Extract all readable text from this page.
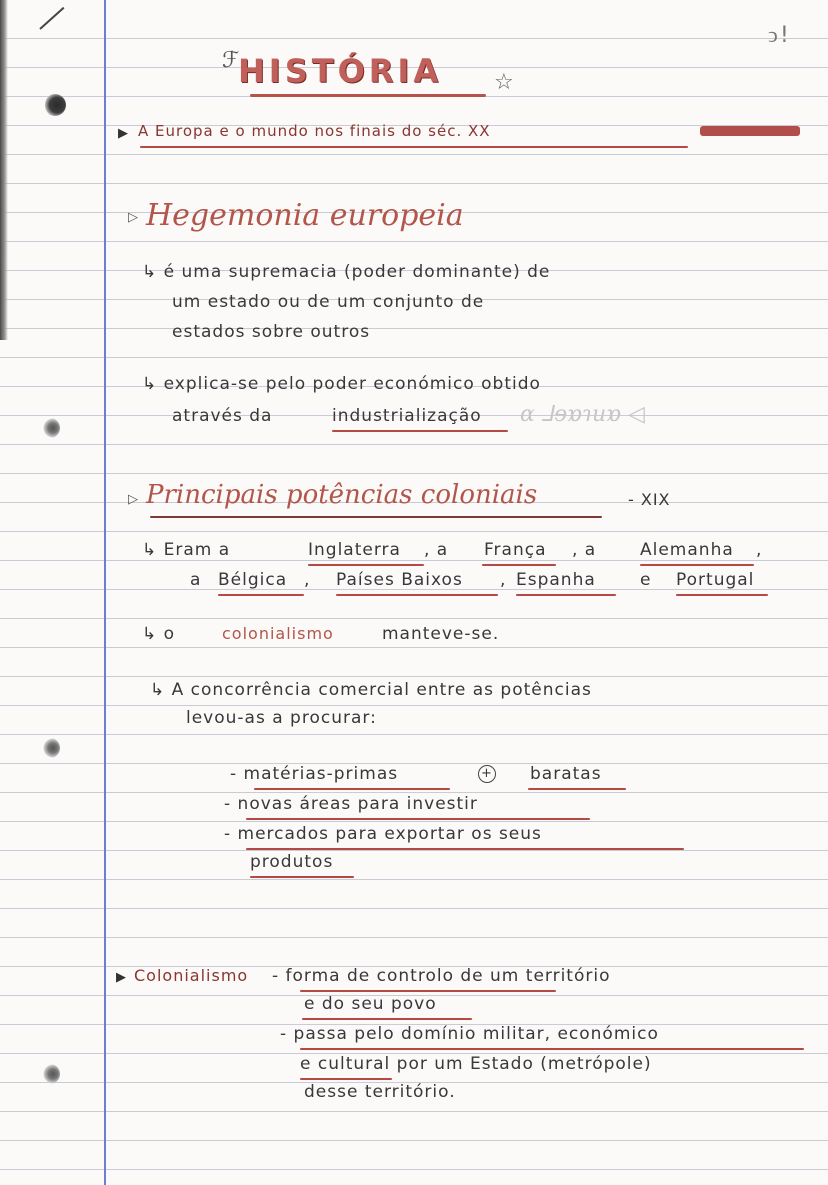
ↄ!
ℱ
HISTÓRIA ☆
▶ A Europa e o mundo nos finais do séc. XX
▷ Hegemonia europeia
↳ é uma supremacia (poder dominante) de
um estado ou de um conjunto de
estados sobre outros
↳ explica-se pelo poder económico obtido
através da	industrialização ɑ ⅃ɘɒɿиɒ ◁
▷ Principais potências coloniais	- XIX
↳ Eram a	Inglaterra , a França , a	Alemanha ,
a Bélgica , Países Baixos , Espanha	e Portugal
↳ o	colonialismo	manteve-se.
↳ A concorrência comercial entre as potências
levou-as a procurar:
- matérias-primas	+ baratas
- novas áreas para investir
- mercados para exportar os seus
produtos
▶ Colonialismo - forma de controlo de um território
e do seu povo
- passa pelo domínio militar, económico
e cultural por um Estado (metrópole)
desse território.
